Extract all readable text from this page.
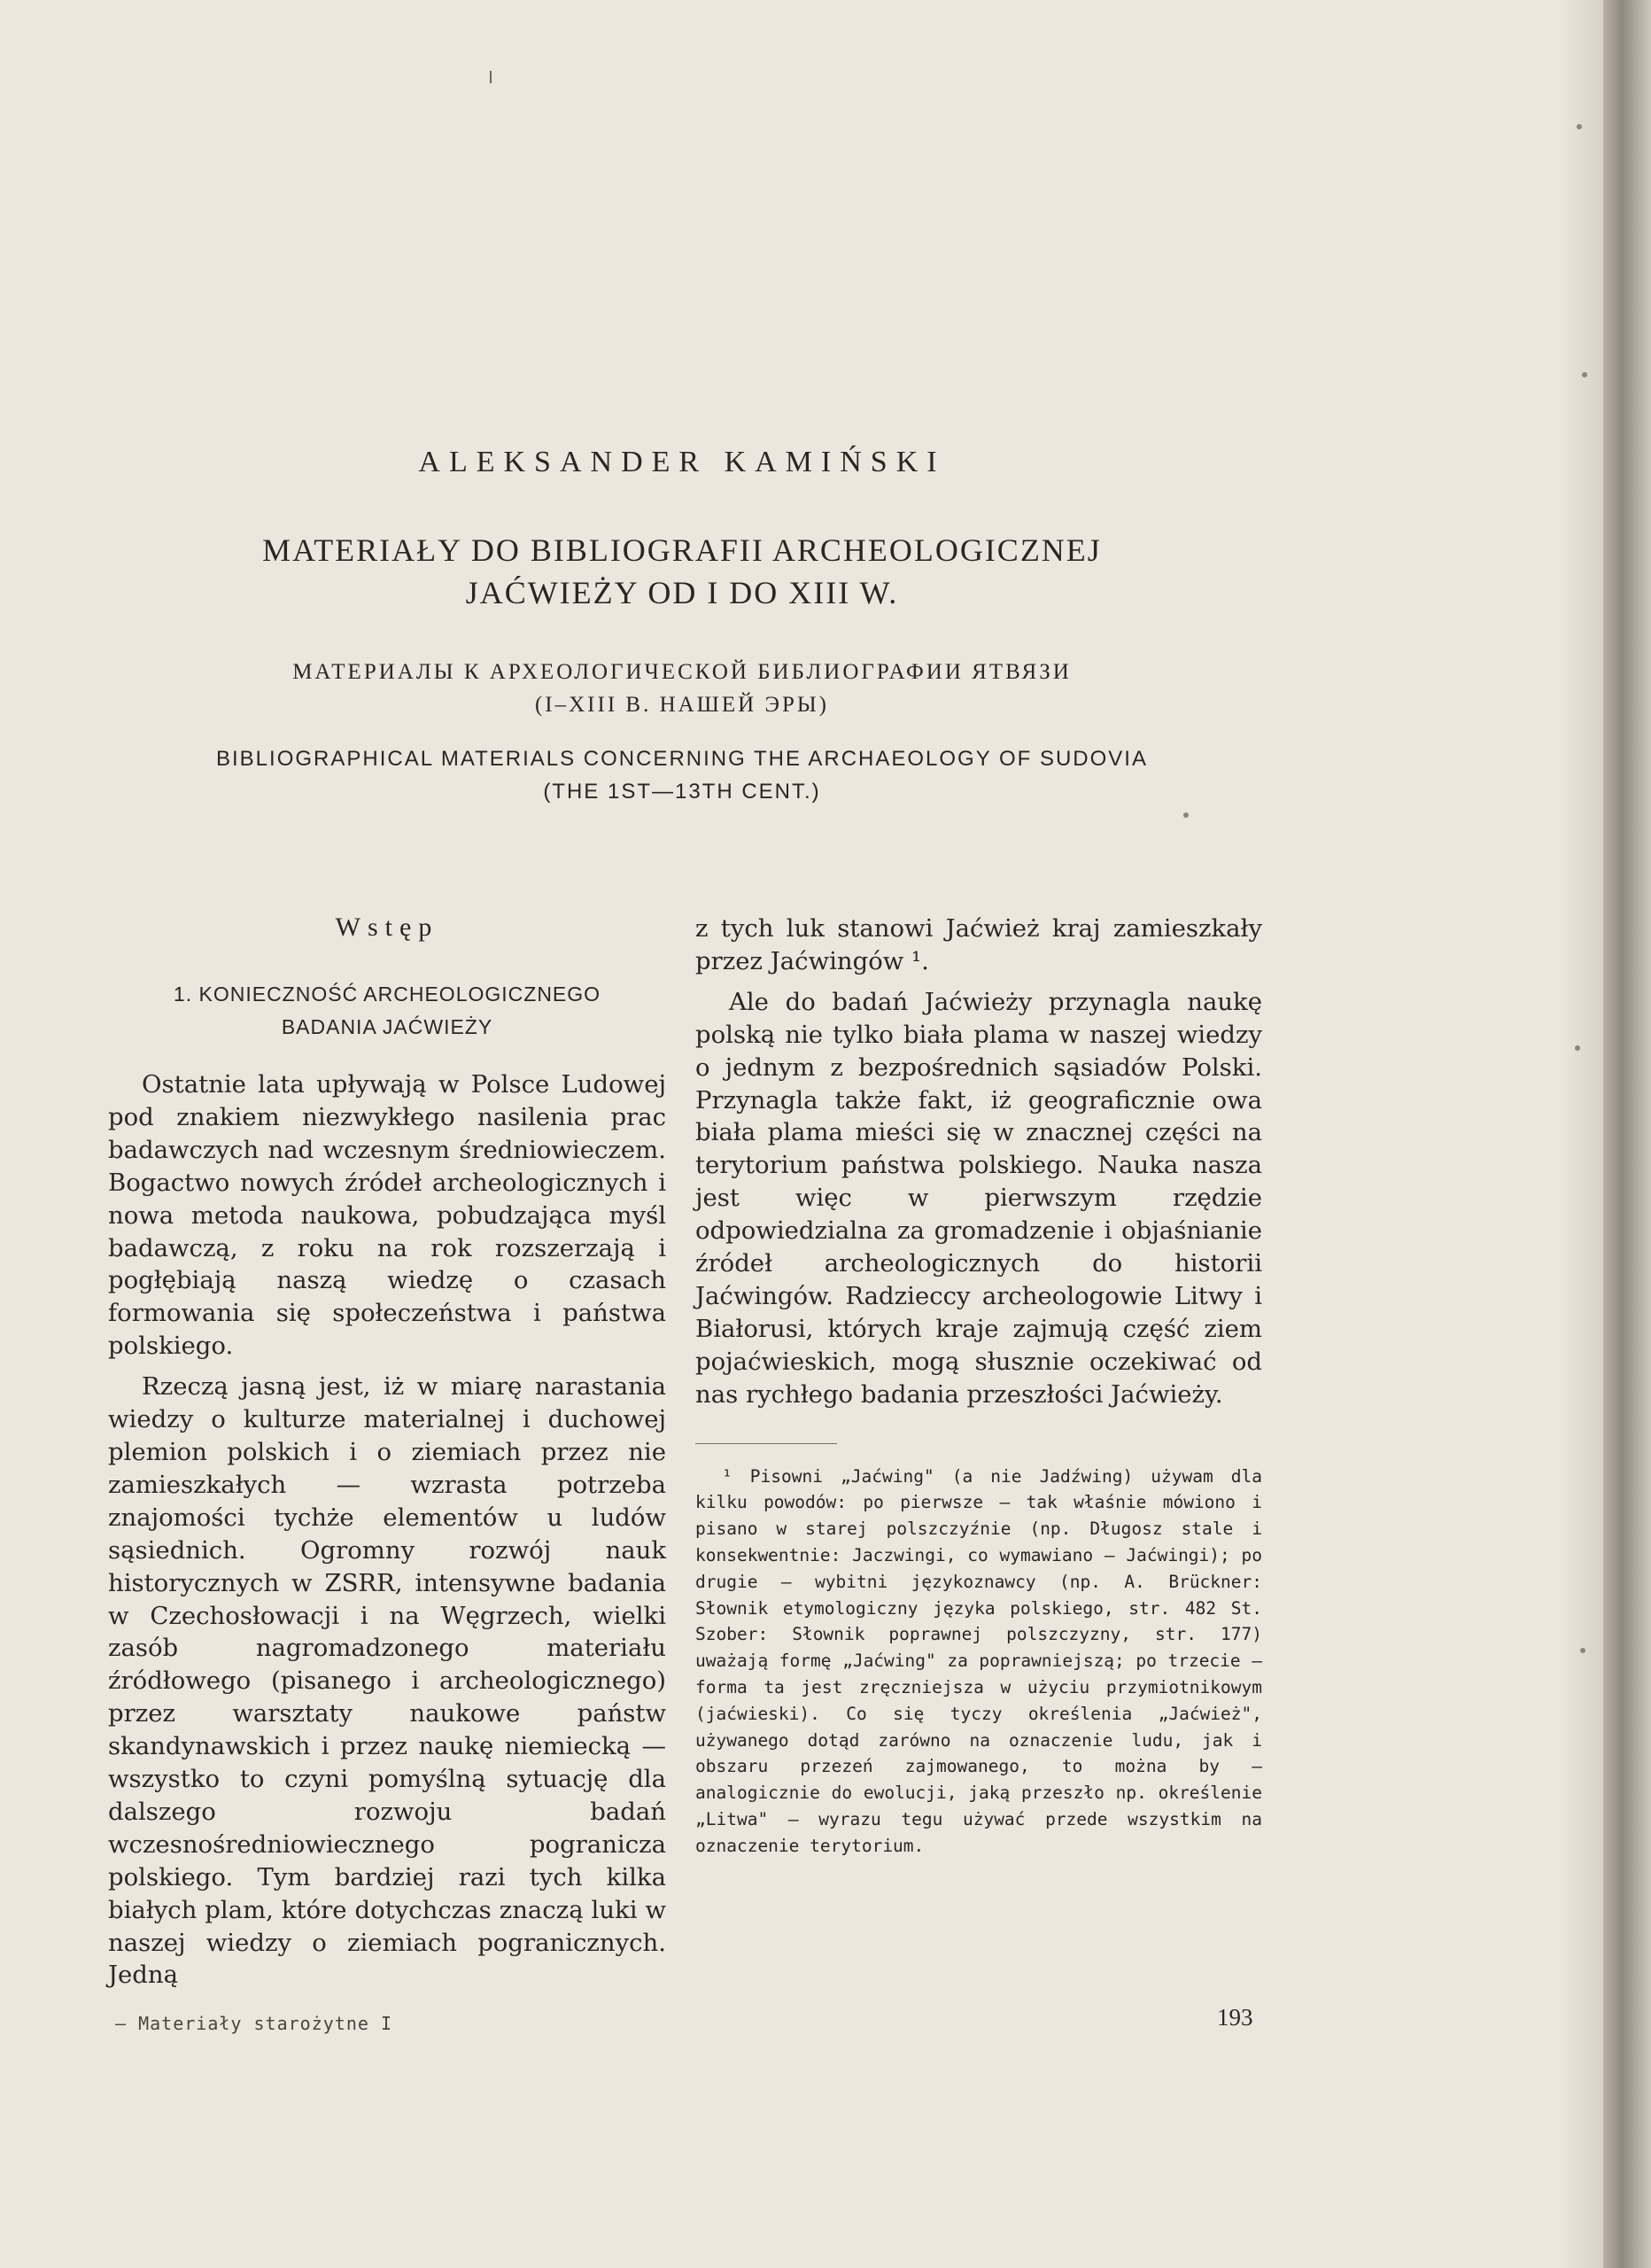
ALEKSANDER KAMIŃSKI
MATERIAŁY DO BIBLIOGRAFII ARCHEOLOGICZNEJ
JAĆWIEŻY OD I DO XIII W.
МАТЕРИАЛЫ К АРХЕОЛОГИЧЕСКОЙ БИБЛИОГРАФИИ ЯТВЯЗИ
(I–XIII В. НАШЕЙ ЭРЫ)
BIBLIOGRAPHICAL MATERIALS CONCERNING THE ARCHAEOLOGY OF SUDOVIA
(THE 1ST—13TH CENT.)

Wstęp

1. KONIECZNOŚĆ ARCHEOLOGICZNEGO
BADANIA JAĆWIEŻY

Ostatnie lata upływają w Polsce Ludowej pod znakiem niezwykłego nasilenia prac badawczych nad wczesnym średniowieczem. Bogactwo nowych źródeł archeologicznych i nowa metoda naukowa, pobudzająca myśl badawczą, z roku na rok rozszerzają i pogłębiają naszą wiedzę o czasach formowania się społeczeństwa i państwa polskiego.

Rzeczą jasną jest, iż w miarę narastania wiedzy o kulturze materialnej i duchowej plemion polskich i o ziemiach przez nie zamieszkałych — wzrasta potrzeba znajomości tychże elementów u ludów sąsiednich. Ogromny rozwój nauk historycznych w ZSRR, intensywne badania w Czechosłowacji i na Węgrzech, wielki zasób nagromadzonego materiału źródłowego (pisanego i archeologicznego) przez warsztaty naukowe państw skandynawskich i przez naukę niemiecką — wszystko to czyni pomyślną sytuację dla dalszego rozwoju badań wczesnośredniowiecznego pogranicza polskiego. Tym bardziej razi tych kilka białych plam, które dotychczas znaczą luki w naszej wiedzy o ziemiach pogranicznych. Jedną

z tych luk stanowi Jaćwież kraj zamieszkały przez Jaćwingów ¹.

Ale do badań Jaćwieży przynagla naukę polską nie tylko biała plama w naszej wiedzy o jednym z bezpośrednich sąsiadów Polski. Przynagla także fakt, iż geograficznie owa biała plama mieści się w znacznej części na terytorium państwa polskiego. Nauka nasza jest więc w pierwszym rzędzie odpowiedzialna za gromadzenie i objaśnianie źródeł archeologicznych do historii Jaćwingów. Radzieccy archeologowie Litwy i Białorusi, których kraje zajmują część ziem pojaćwieskich, mogą słusznie oczekiwać od nas rychłego badania przeszłości Jaćwieży.

¹ Pisowni „Jaćwing" (a nie Jadźwing) używam dla kilku powodów: po pierwsze — tak właśnie mówiono i pisano w starej polszczyźnie (np. Długosz stale i konsekwentnie: Jaczwingi, co wymawiano — Jaćwingi); po drugie — wybitni językoznawcy (np. A. Brückner: Słownik etymologiczny języka polskiego, str. 482 St. Szober: Słownik poprawnej polszczyzny, str. 177) uważają formę „Jaćwing" za poprawniejszą; po trzecie — forma ta jest zręczniejsza w użyciu przymiotnikowym (jaćwieski). Co się tyczy określenia „Jaćwież", używanego dotąd zarówno na oznaczenie ludu, jak i obszaru przezeń zajmowanego, to można by — analogicznie do ewolucji, jaką przeszło np. określenie „Litwa" — wyrazu tegu używać przede wszystkim na oznaczenie terytorium.

— Materiały starożytne I	193
